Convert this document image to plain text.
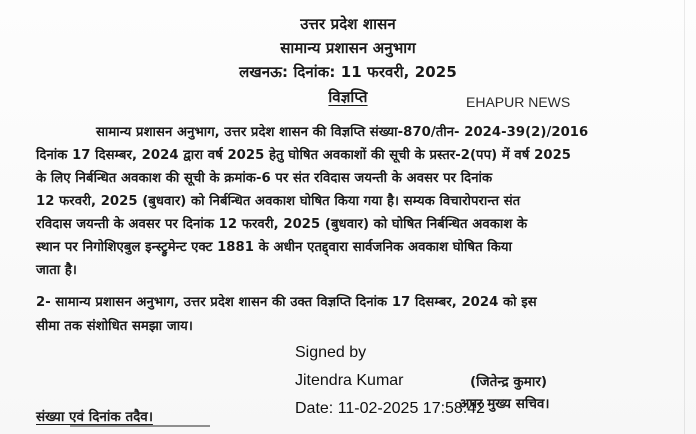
उत्तर प्रदेश शासन
सामान्य प्रशासन अनुभाग
लखनऊ: दिनांक: 11 फरवरी, 2025
विज्ञप्ति	EHAPUR NEWS
सामान्य प्रशासन अनुभाग, उत्तर प्रदेश शासन की विज्ञप्ति संख्या-870/तीन- 2024-39(2)/2016
दिनांक 17 दिसम्बर, 2024 द्वारा वर्ष 2025 हेतु घोषित अवकाशों की सूची के प्रस्तर-2(पप) में वर्ष 2025
के लिए निर्बन्धित अवकाश की सूची के क्रमांक-6 पर संत रविदास जयन्ती के अवसर पर दिनांक
12 फरवरी, 2025 (बुधवार) को निर्बन्धित अवकाश घोषित किया गया है। सम्यक विचारोपरान्त संत
रविदास जयन्ती के अवसर पर दिनांक 12 फरवरी, 2025 (बुधवार) को घोषित निर्बन्धित अवकाश के
स्थान पर निगोशिएबुल इन्स्ट्रुमेन्ट एक्ट 1881 के अधीन एतद्द्वारा सार्वजनिक अवकाश घोषित किया
जाता है।
2- सामान्य प्रशासन अनुभाग, उत्तर प्रदेश शासन की उक्त विज्ञप्ति दिनांक 17 दिसम्बर, 2024 को इस
सीमा तक संशोधित समझा जाय।
Signed by
Jitendra Kumar
Date: 11-02-2025 17:58:42
(जितेन्द्र कुमार)
अपर मुख्य सचिव।
संख्या एवं दिनांक तदैव।
